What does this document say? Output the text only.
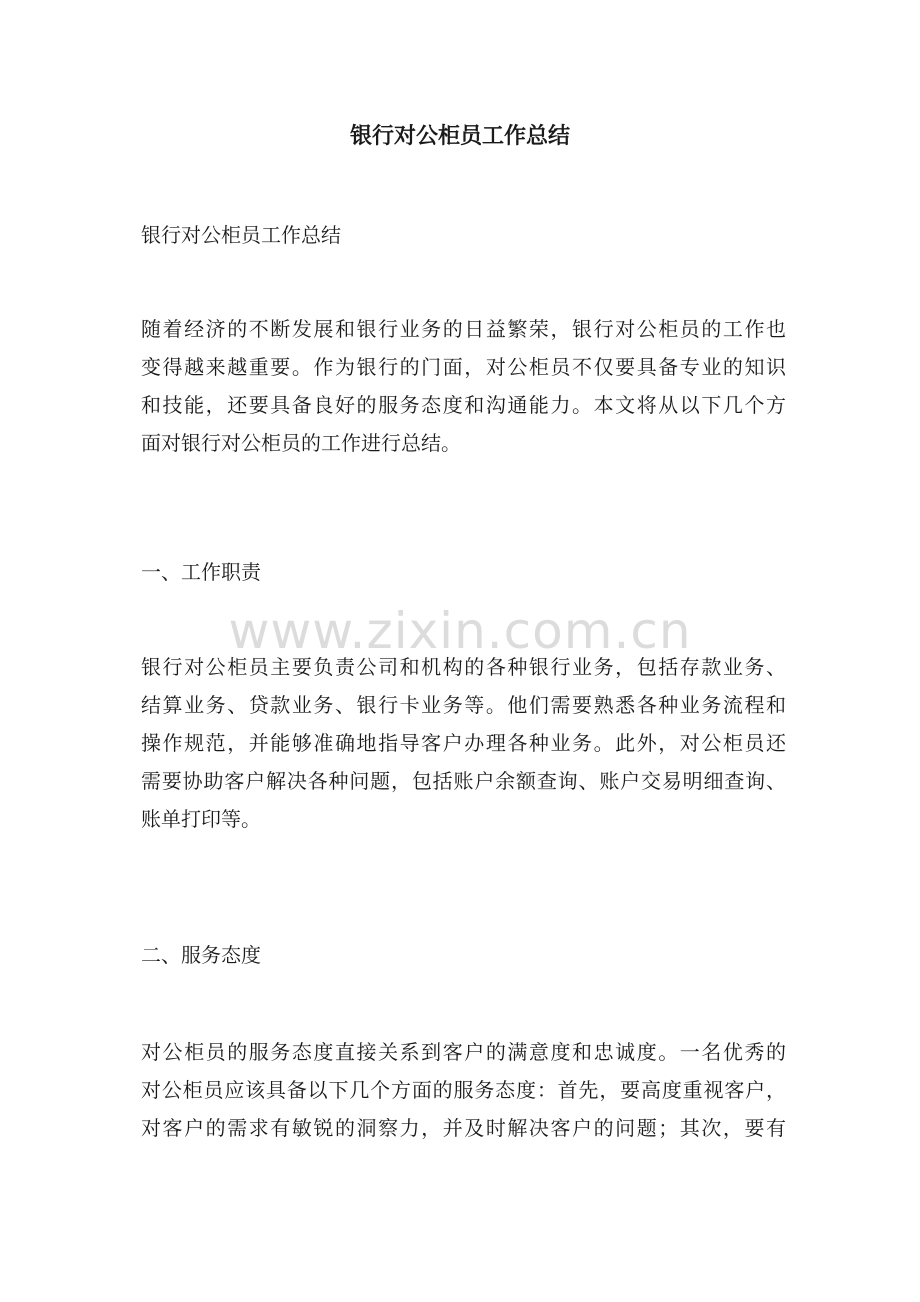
银行对公柜员工作总结

银行对公柜员工作总结

随着经济的不断发展和银行业务的日益繁荣，银行对公柜员的工作也
变得越来越重要。作为银行的门面，对公柜员不仅要具备专业的知识
和技能，还要具备良好的服务态度和沟通能力。本文将从以下几个方
面对银行对公柜员的工作进行总结。

一、工作职责

www.zixin.com.cn
银行对公柜员主要负责公司和机构的各种银行业务，包括存款业务、
结算业务、贷款业务、银行卡业务等。他们需要熟悉各种业务流程和
操作规范，并能够准确地指导客户办理各种业务。此外，对公柜员还
需要协助客户解决各种问题，包括账户余额查询、账户交易明细查询、
账单打印等。

二、服务态度

对公柜员的服务态度直接关系到客户的满意度和忠诚度。一名优秀的
对公柜员应该具备以下几个方面的服务态度：首先，要高度重视客户，
对客户的需求有敏锐的洞察力，并及时解决客户的问题；其次，要有
